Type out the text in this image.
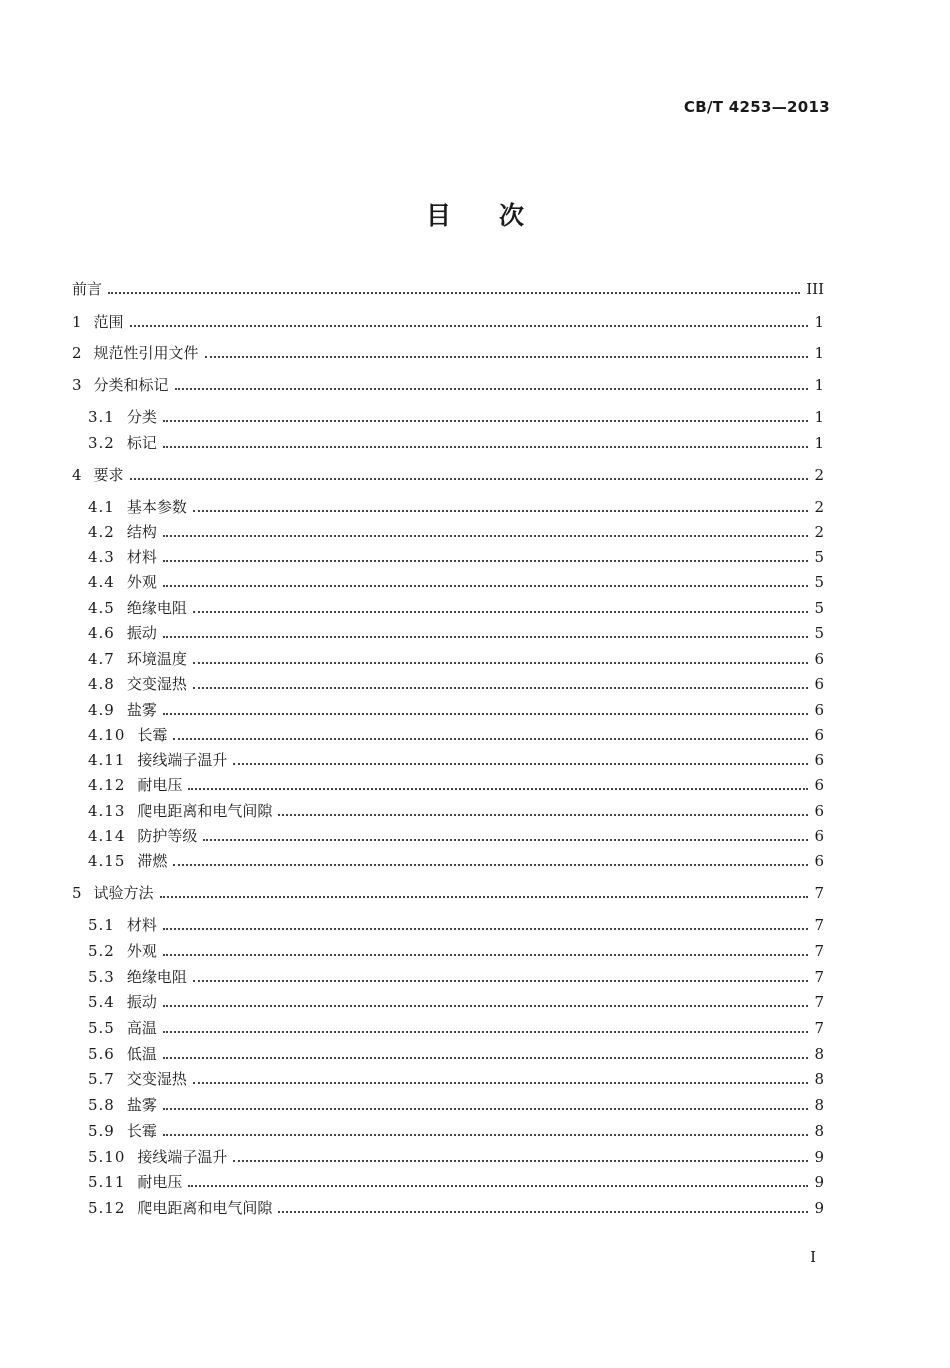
CB/T 4253—2013
目次
前言	III
1 范围	1
2 规范性引用文件	1
3 分类和标记	1
3.1 分类	1
3.2 标记	1
4 要求	2
4.1 基本参数	2
4.2 结构	2
4.3 材料	5
4.4 外观	5
4.5 绝缘电阻	5
4.6 振动	5
4.7 环境温度	6
4.8 交变湿热	6
4.9 盐雾	6
4.10 长霉	6
4.11 接线端子温升	6
4.12 耐电压	6
4.13 爬电距离和电气间隙	6
4.14 防护等级	6
4.15 滞燃	6
5 试验方法	7
5.1 材料	7
5.2 外观	7
5.3 绝缘电阻	7
5.4 振动	7
5.5 高温	7
5.6 低温	8
5.7 交变湿热	8
5.8 盐雾	8
5.9 长霉	8
5.10 接线端子温升	9
5.11 耐电压	9
5.12 爬电距离和电气间隙	9
I
